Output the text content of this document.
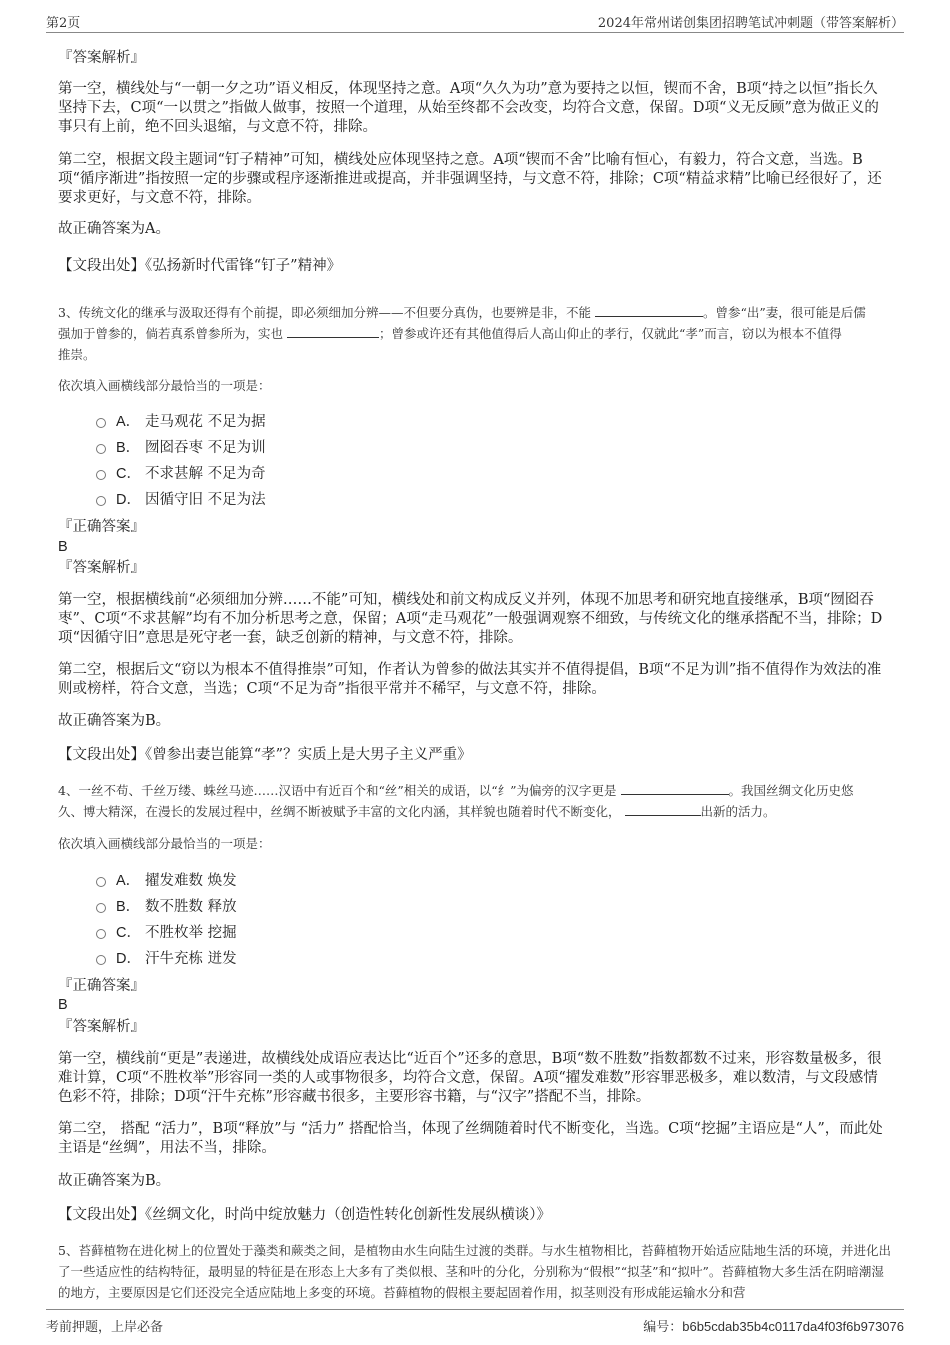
第2页	2024年常州诺创集团招聘笔试冲刺题（带答案解析）

『答案解析』

第一空，横线处与“一朝一夕之功”语义相反，体现坚持之意。A项“久久为功”意为要持之以恒，锲而不舍，B项“持之以恒”指长久坚持下去，C项“一以贯之”指做人做事，按照一个道理，从始至终都不会改变，均符合文意，保留。D项“义无反顾”意为做正义的事只有上前，绝不回头退缩，与文意不符，排除。

第二空，根据文段主题词“钉子精神”可知，横线处应体现坚持之意。A项“锲而不舍”比喻有恒心，有毅力，符合文意，当选。B项“循序渐进”指按照一定的步骤或程序逐渐推进或提高，并非强调坚持，与文意不符，排除；C项“精益求精”比喻已经很好了，还要求更好，与文意不符，排除。

故正确答案为A。

【文段出处】《弘扬新时代雷锋“钉子”精神》

3、传统文化的继承与汲取还得有个前提，即必须细加分辨——不但要分真伪，也要辨是非，不能	。曾参“出”妻，很可能是后儒
强加于曾参的，倘若真系曾参所为，实也	；曾参或许还有其他值得后人高山仰止的孝行，仅就此“孝”而言，窃以为根本不值得
推崇。

依次填入画横线部分最恰当的一项是：

A． 走马观花 不足为据
B． 囫囵吞枣 不足为训
C． 不求甚解 不足为奇
D． 因循守旧 不足为法

『正确答案』

B

『答案解析』

第一空，根据横线前“必须细加分辨……不能”可知，横线处和前文构成反义并列，体现不加思考和研究地直接继承，B项“囫囵吞枣”、C项“不求甚解”均有不加分析思考之意，保留；A项“走马观花”一般强调观察不细致，与传统文化的继承搭配不当，排除；D项“因循守旧”意思是死守老一套，缺乏创新的精神，与文意不符，排除。

第二空，根据后文“窃以为根本不值得推崇”可知，作者认为曾参的做法其实并不值得提倡，B项“不足为训”指不值得作为效法的准则或榜样，符合文意，当选；C项“不足为奇”指很平常并不稀罕，与文意不符，排除。

故正确答案为B。

【文段出处】《曾参出妻岂能算“孝”？实质上是大男子主义严重》

4、一丝不苟、千丝万缕、蛛丝马迹……汉语中有近百个和“丝”相关的成语，以“纟”为偏旁的汉字更是	。我国丝绸文化历史悠
久、博大精深，在漫长的发展过程中，丝绸不断被赋予丰富的文化内涵，其样貌也随着时代不断变化，	出新的活力。

依次填入画横线部分最恰当的一项是：

A． 擢发难数 焕发
B． 数不胜数 释放
C． 不胜枚举 挖掘
D． 汗牛充栋 迸发

『正确答案』

B

『答案解析』

第一空，横线前“更是”表递进，故横线处成语应表达比“近百个”还多的意思，B项“数不胜数”指数都数不过来，形容数量极多，很难计算，C项“不胜枚举”形容同一类的人或事物很多，均符合文意，保留。A项“擢发难数”形容罪恶极多，难以数清，与文段感情色彩不符，排除；D项“汗牛充栋”形容藏书很多，主要形容书籍，与“汉字”搭配不当，排除。

第二空， 搭配 “活力”，B项“释放”与 “活力” 搭配恰当，体现了丝绸随着时代不断变化，当选。C项“挖掘”主语应是“人”，而此处主语是“丝绸”，用法不当，排除。

故正确答案为B。

【文段出处】《丝绸文化，时尚中绽放魅力（创造性转化创新性发展纵横谈）》

5、苔藓植物在进化树上的位置处于藻类和蕨类之间，是植物由水生向陆生过渡的类群。与水生植物相比，苔藓植物开始适应陆地生活的环境，并进化出了一些适应性的结构特征，最明显的特征是在形态上大多有了类似根、茎和叶的分化，分别称为“假根”“拟茎”和“拟叶”。苔藓植物大多生活在阴暗潮湿的地方，主要原因是它们还没完全适应陆地上多变的环境。苔藓植物的假根主要起固着作用，拟茎则没有形成能运输水分和营

考前押题，上岸必备	编号：b6b5cdab35b4c0117da4f03f6b973076
